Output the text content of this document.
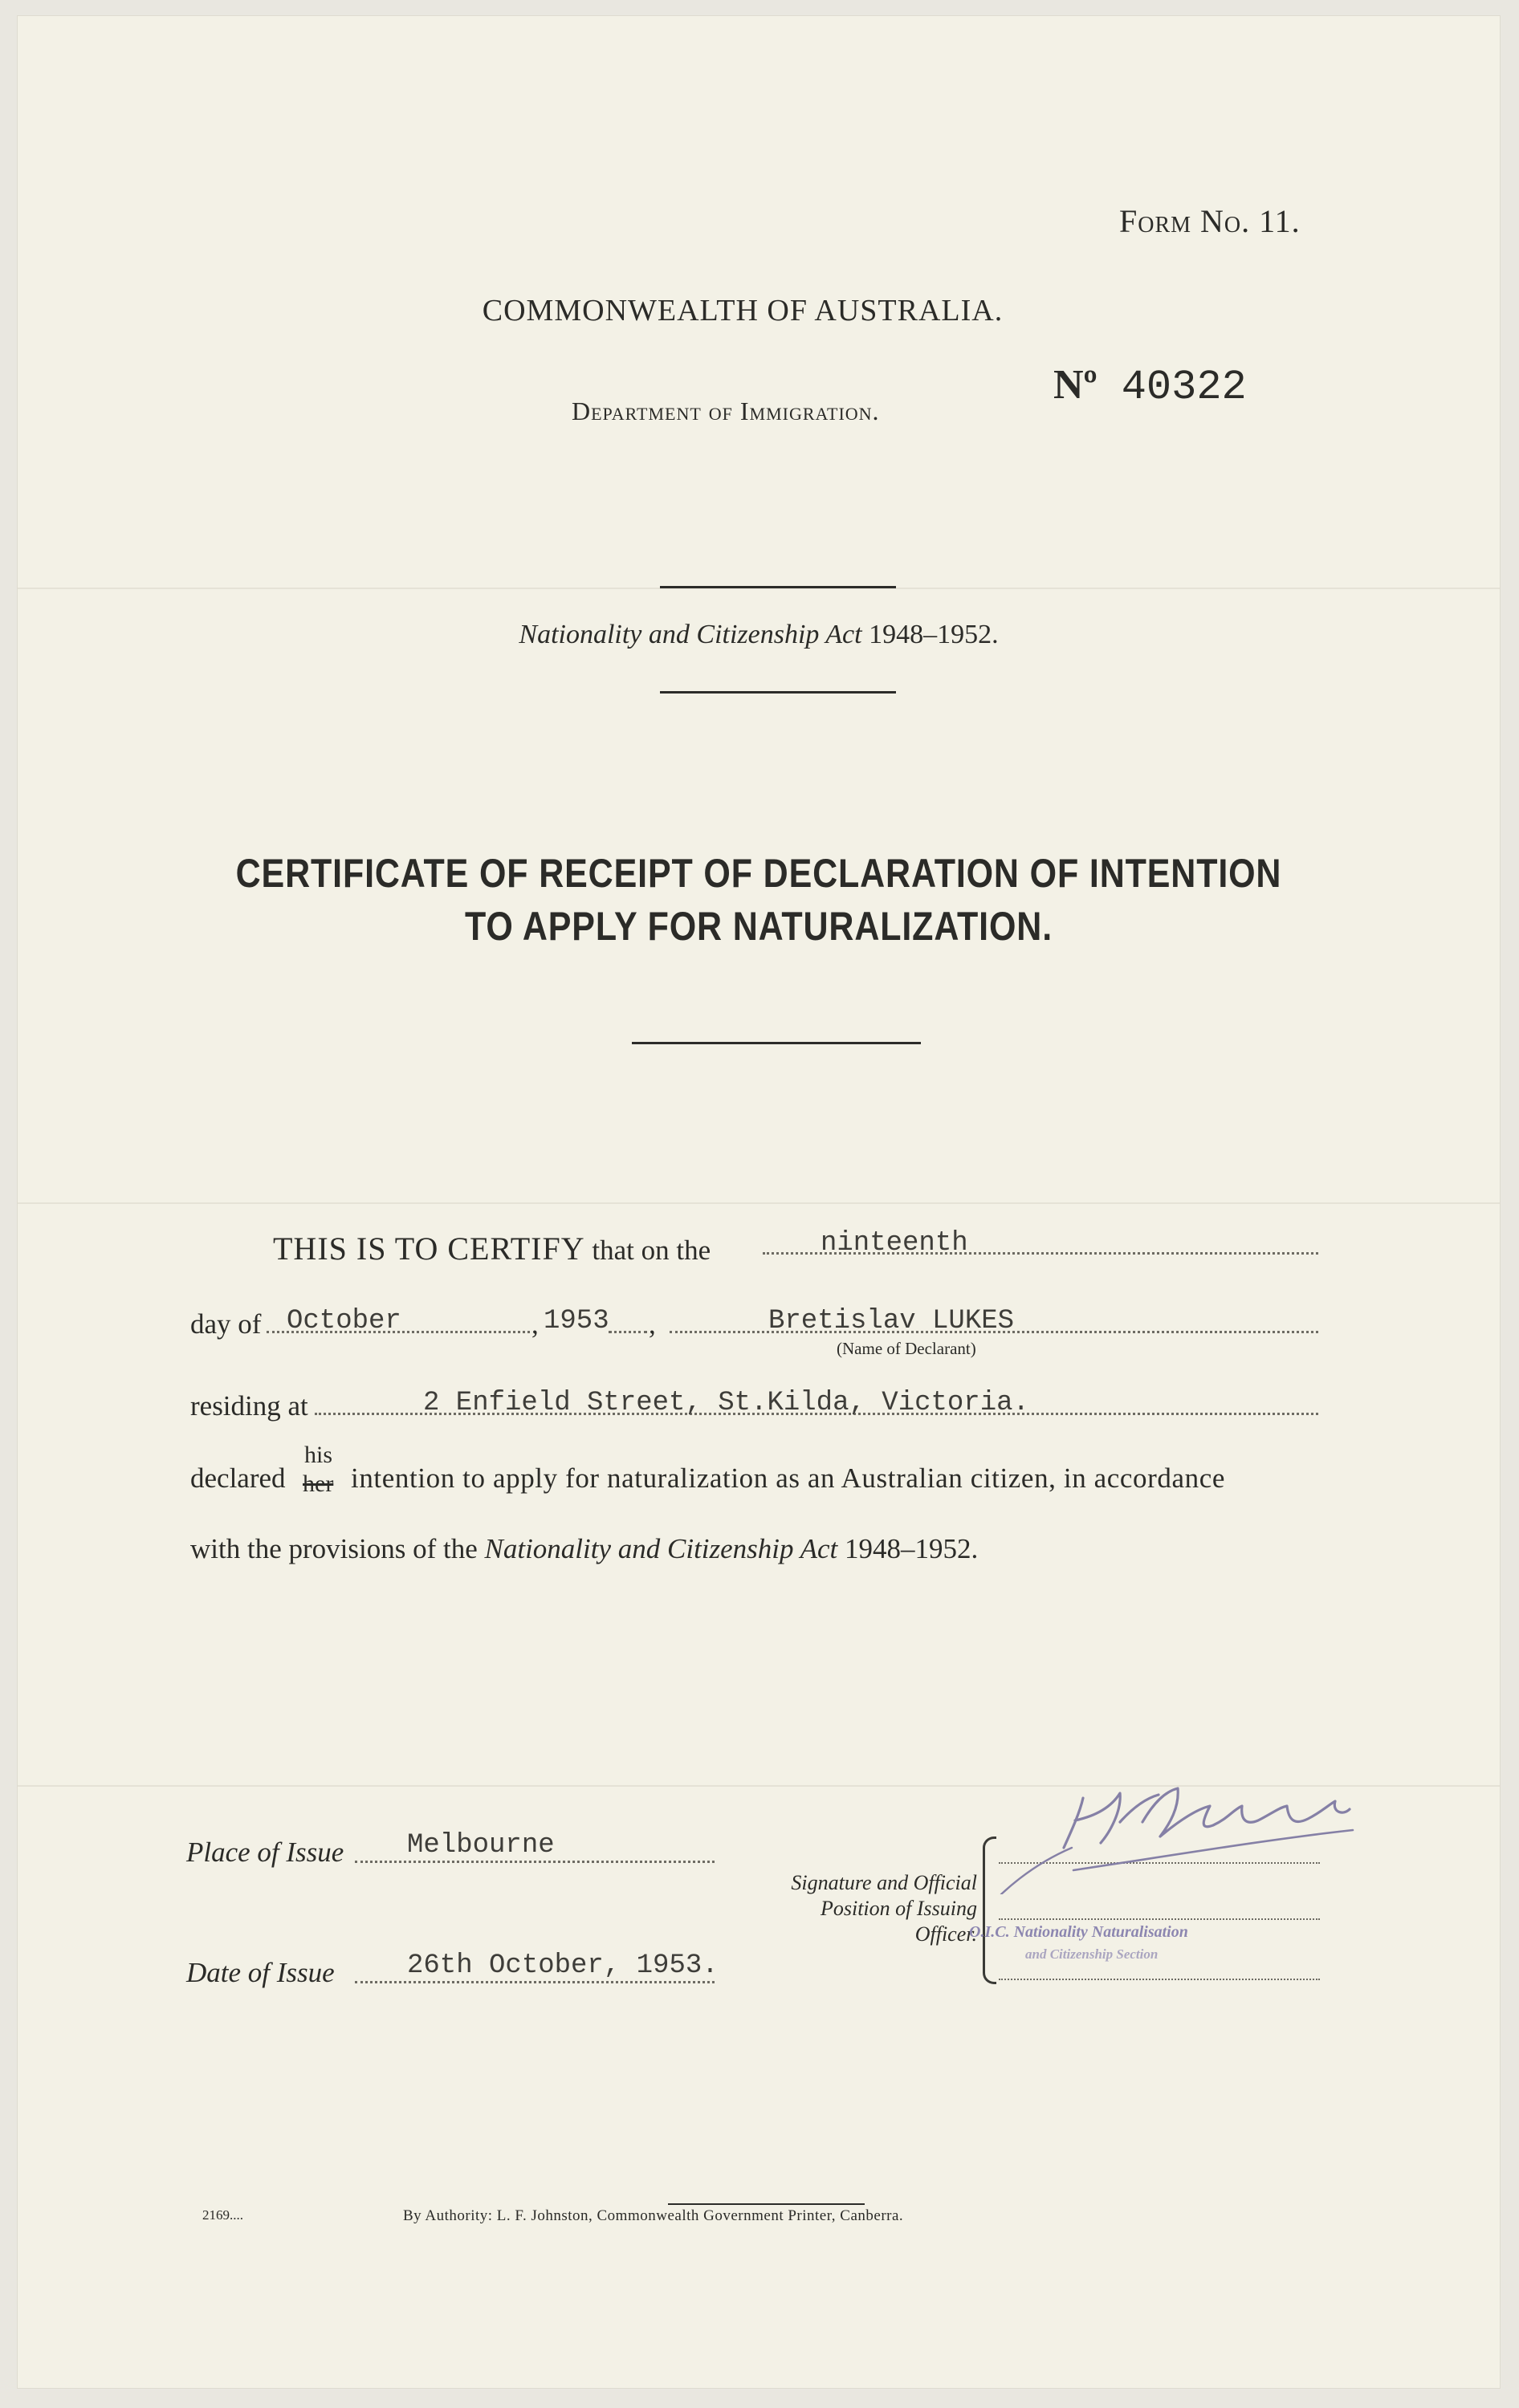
Form No. 11.
COMMONWEALTH OF AUSTRALIA.
Department of Immigration.
Nº 40322
Nationality and Citizenship Act 1948–1952.
CERTIFICATE OF RECEIPT OF DECLARATION OF INTENTION
TO APPLY FOR NATURALIZATION.
THIS IS TO CERTIFY that on the	ninteenth
day of October	, 1953 ,	Bretislav LUKES
(Name of Declarant)
residing at	2 Enfield Street, St.Kilda, Victoria.
declared
his
her intention to apply for naturalization as an Australian citizen, in accordance
with the provisions of the Nationality and Citizenship Act 1948–1952.
Place of Issue Melbourne
Date of Issue	26th October, 1953.
Signature and Official
Position of Issuing
Officer.
O.I.C. Nationality Naturalisation
and Citizenship Section
2169....	By Authority: L. F. Johnston, Commonwealth Government Printer, Canberra.
